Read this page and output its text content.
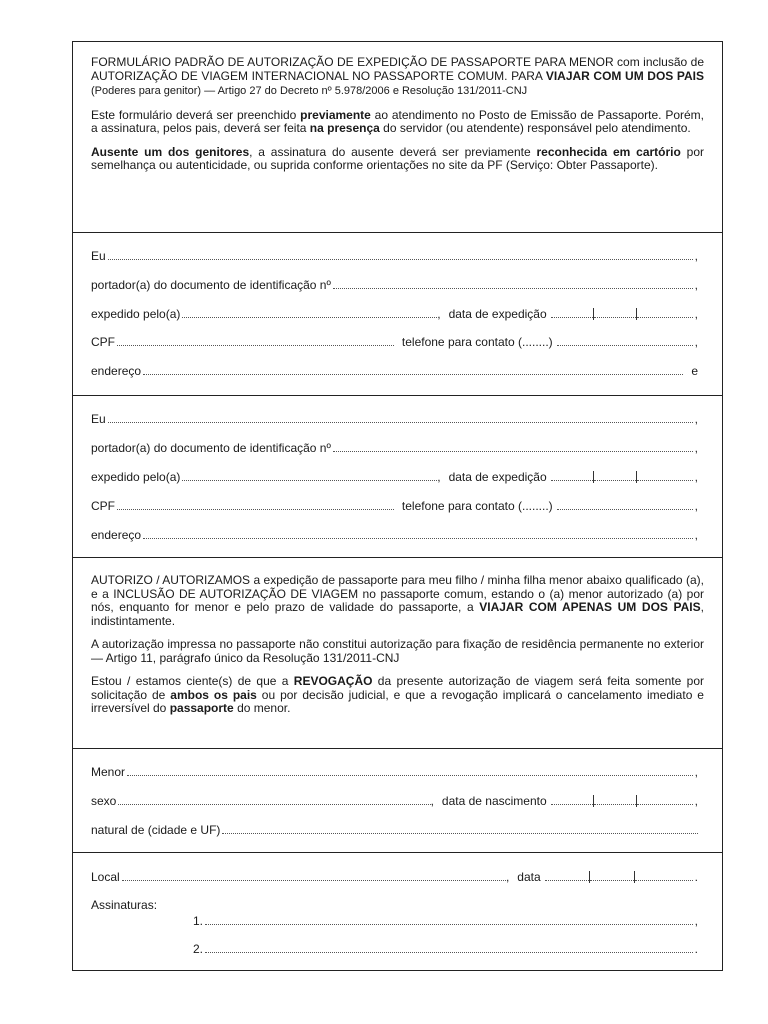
FORMULÁRIO PADRÃO DE AUTORIZAÇÃO DE EXPEDIÇÃO DE PASSAPORTE PARA MENOR com inclusão de AUTORIZAÇÃO DE VIAGEM INTERNACIONAL NO PASSAPORTE COMUM. PARA VIAJAR COM UM DOS PAIS (Poderes para genitor) — Artigo 27 do Decreto nº 5.978/2006 e Resolução 131/2011-CNJ

Este formulário deverá ser preenchido previamente ao atendimento no Posto de Emissão de Passaporte. Porém, a assinatura, pelos pais, deverá ser feita na presença do servidor (ou atendente) responsável pelo atendimento.

Ausente um dos genitores, a assinatura do ausente deverá ser previamente reconhecida em cartório por semelhança ou autenticidade, ou suprida conforme orientações no site da PF (Serviço: Obter Passaporte).

Eu	,
portador(a) do documento de identificação nº	,
expedido pelo(a)	, data de expedição	,
CPF	telefone para contato (........)	,
endereço	e
Eu	,
portador(a) do documento de identificação nº	,
expedido pelo(a)	, data de expedição	,
CPF	telefone para contato (........)	,
endereço	,

AUTORIZO / AUTORIZAMOS a expedição de passaporte para meu filho / minha filha menor abaixo qualificado (a), e a INCLUSÃO DE AUTORIZAÇÃO DE VIAGEM no passaporte comum, estando o (a) menor autorizado (a) por nós, enquanto for menor e pelo prazo de validade do passaporte, a VIAJAR COM APENAS UM DOS PAIS, indistintamente.

A autorização impressa no passaporte não constitui autorização para fixação de residência permanente no exterior — Artigo 11, parágrafo único da Resolução 131/2011-CNJ

Estou / estamos ciente(s) de que a REVOGAÇÃO da presente autorização de viagem será feita somente por solicitação de ambos os pais ou por decisão judicial, e que a revogação implicará o cancelamento imediato e irreversível do passaporte do menor.

Menor	,
sexo	, data de nascimento	,
natural de (cidade e UF)
Local	, data	.
Assinaturas:
1.	,
2.	.
